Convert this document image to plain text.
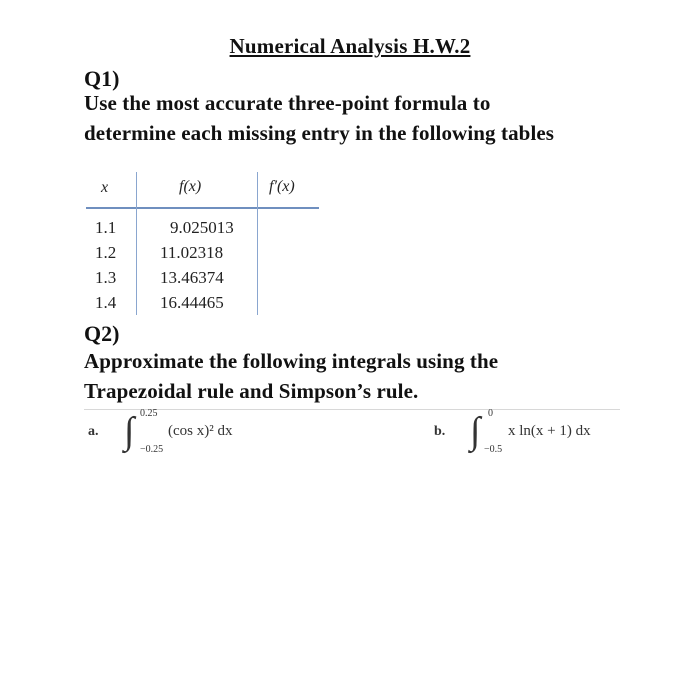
Numerical Analysis H.W.2
Q1)
Use the most accurate three-point formula to
determine each missing entry in the following tables
x	f(x)	f′(x)
1.1	9.025013
1.2	11.02318
1.3	13.46374
1.4	16.44465
Q2)
Approximate the following integrals using the
Trapezoidal rule and Simpson’s rule.
a. ∫ 0.25
−0.25
(cos x)² dx	b. ∫ 0
−0.5
x ln(x + 1) dx
